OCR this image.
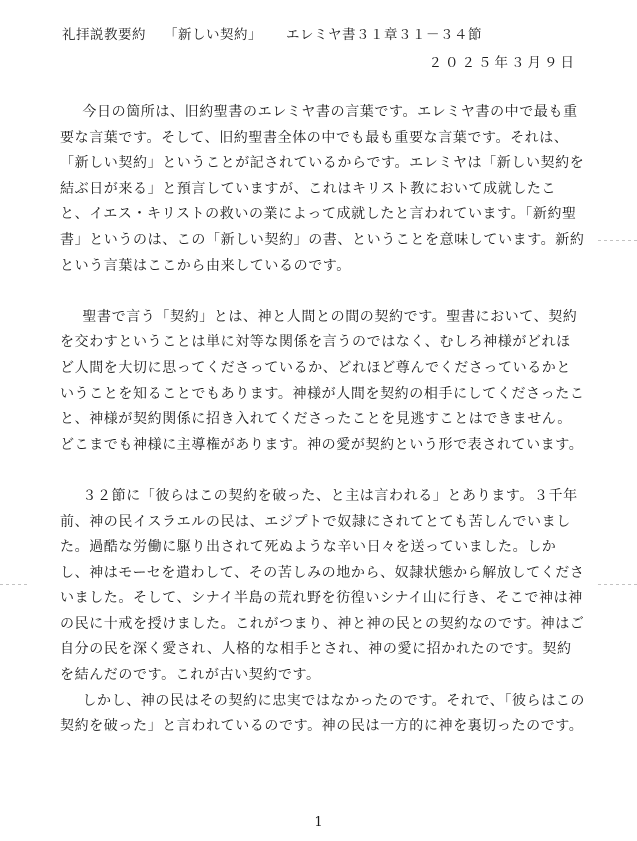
礼拝説教要約 「新しい契約」 エレミヤ書３１章３１－３４節
２０２５年３月９日

今日の箇所は、旧約聖書のエレミヤ書の言葉です。エレミヤ書の中で最も重要な言葉です。そして、旧約聖書全体の中でも最も重要な言葉です。それは、「新しい契約」ということが記されているからです。エレミヤは「新しい契約を結ぶ日が来る」と預言していますが、これはキリスト教において成就したこと、イエス・キリストの救いの業によって成就したと言われています。「新約聖書」というのは、この「新しい契約」の書、ということを意味しています。新約という言葉はここから由来しているのです。

聖書で言う「契約」とは、神と人間との間の契約です。聖書において、契約を交わすということは単に対等な関係を言うのではなく、むしろ神様がどれほど人間を大切に思ってくださっているか、どれほど尊んでくださっているかということを知ることでもあります。神様が人間を契約の相手にしてくださったこと、神様が契約関係に招き入れてくださったことを見逃すことはできません。どこまでも神様に主導権があります。神の愛が契約という形で表されています。

３２節に「彼らはこの契約を破った、と主は言われる」とあります。３千年前、神の民イスラエルの民は、エジプトで奴隷にされてとても苦しんでいました。過酷な労働に駆り出されて死ぬような辛い日々を送っていました。しかし、神はモーセを遣わして、その苦しみの地から、奴隷状態から解放してくださいました。そして、シナイ半島の荒れ野を彷徨いシナイ山に行き、そこで神は神の民に十戒を授けました。これがつまり、神と神の民との契約なのです。神はご自分の民を深く愛され、人格的な相手とされ、神の愛に招かれたのです。契約を結んだのです。これが古い契約です。

しかし、神の民はその契約に忠実ではなかったのです。それで、「彼らはこの契約を破った」と言われているのです。神の民は一方的に神を裏切ったのです。

1
